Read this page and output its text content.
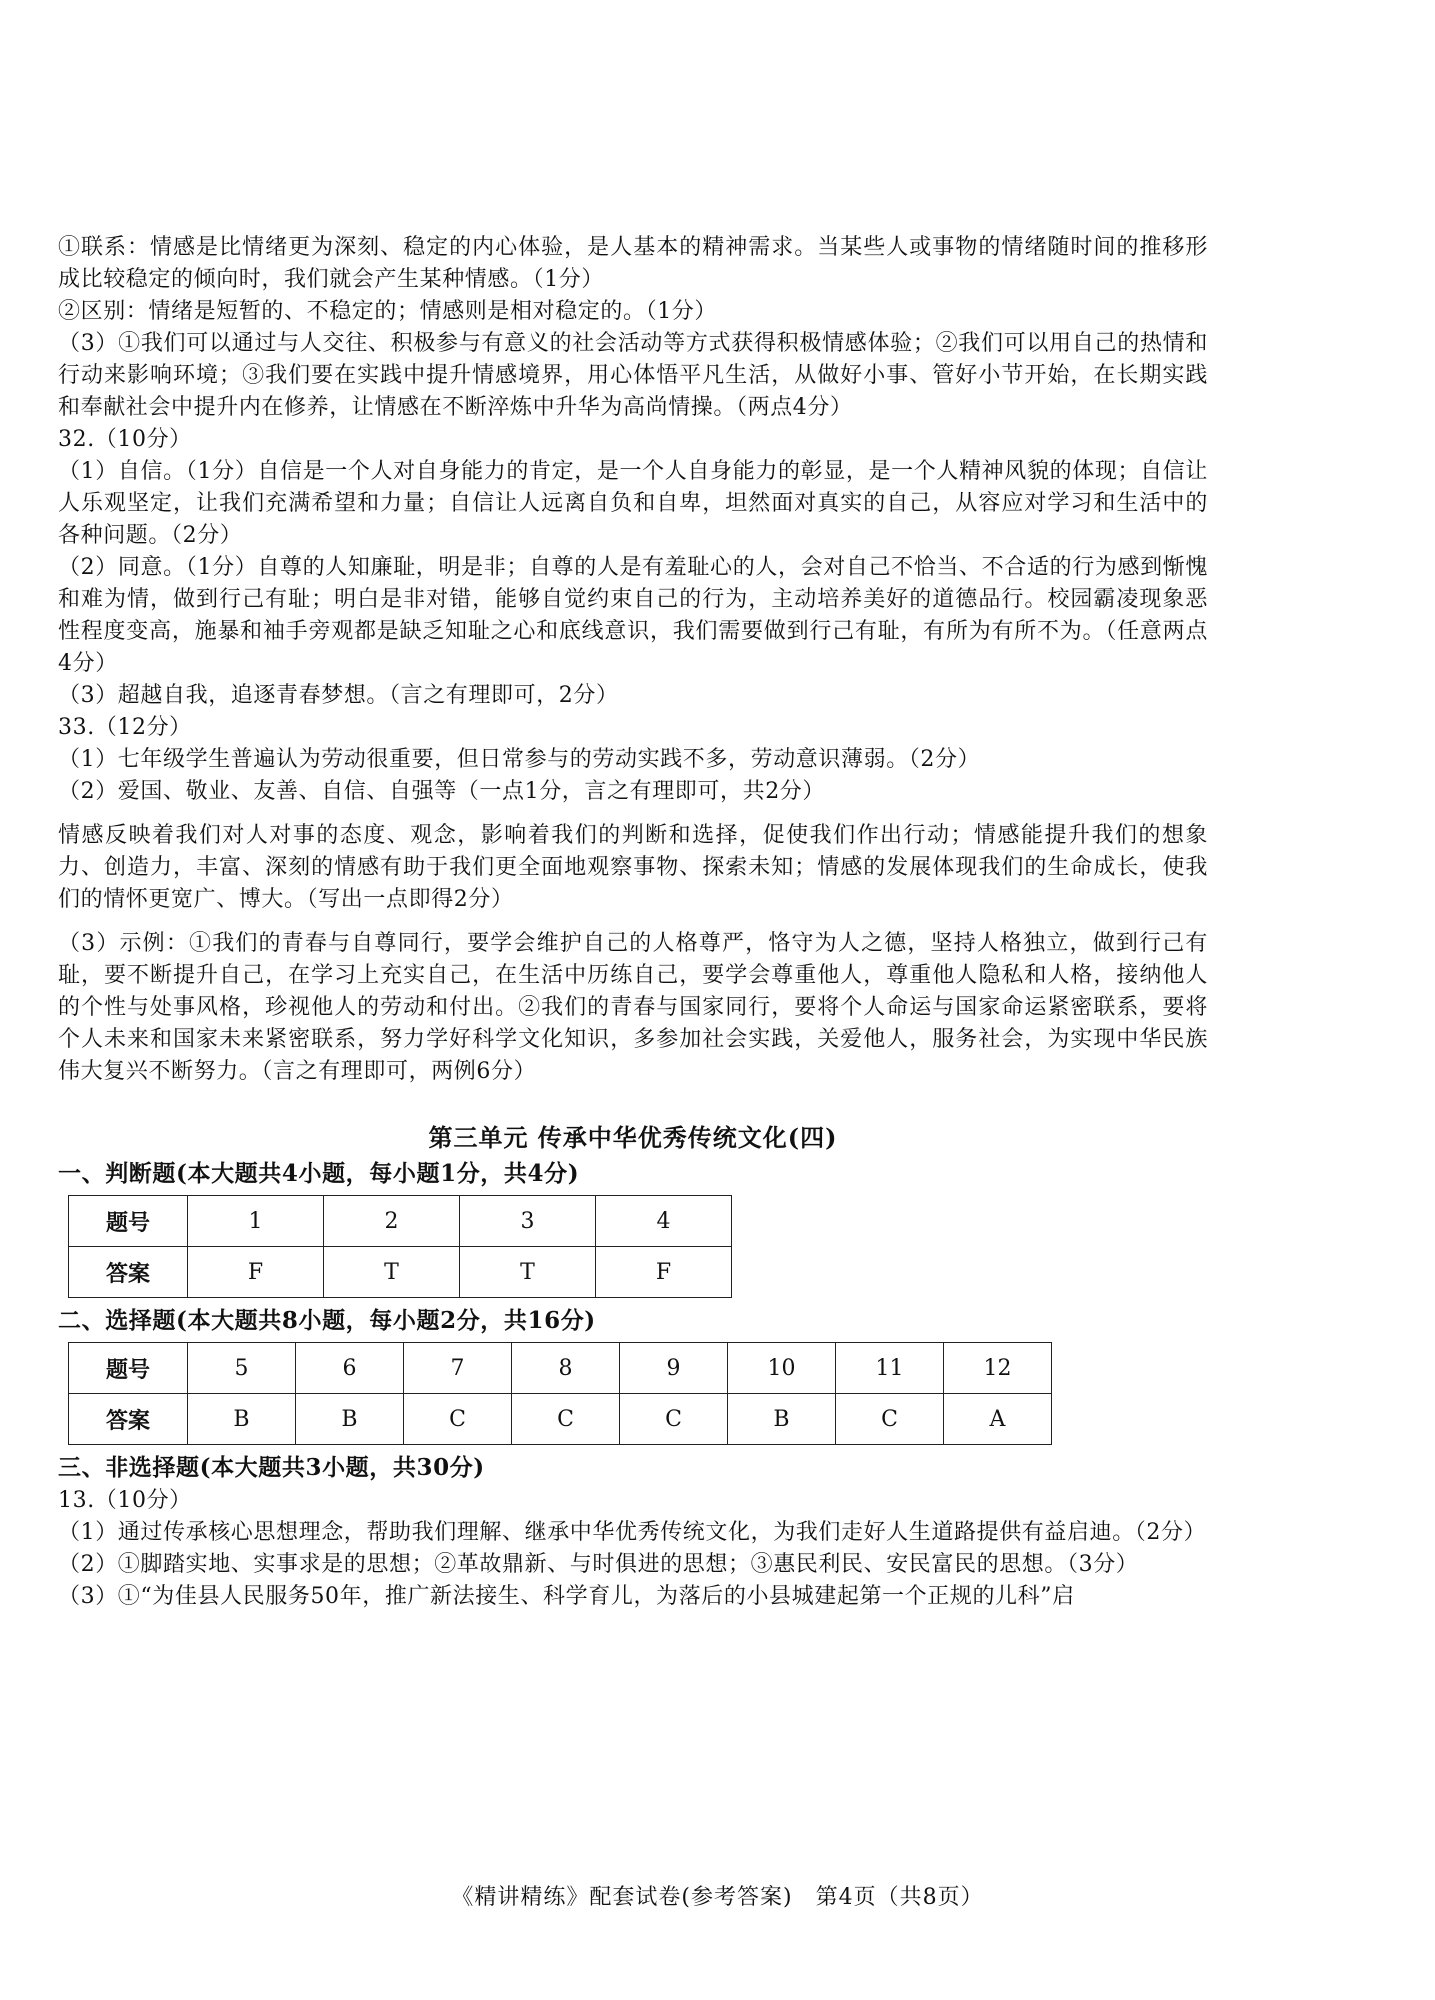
①联系：情感是比情绪更为深刻、稳定的内心体验，是人基本的精神需求。当某些人或事物的情绪随时间的推移形成比较稳定的倾向时，我们就会产生某种情感。（1分）

②区别：情绪是短暂的、不稳定的；情感则是相对稳定的。（1分）

（3）①我们可以通过与人交往、积极参与有意义的社会活动等方式获得积极情感体验；②我们可以用自己的热情和行动来影响环境；③我们要在实践中提升情感境界，用心体悟平凡生活，从做好小事、管好小节开始，在长期实践和奉献社会中提升内在修养，让情感在不断淬炼中升华为高尚情操。（两点4分）

32.（10分）

（1）自信。（1分）自信是一个人对自身能力的肯定，是一个人自身能力的彰显，是一个人精神风貌的体现；自信让人乐观坚定，让我们充满希望和力量；自信让人远离自负和自卑，坦然面对真实的自己，从容应对学习和生活中的各种问题。（2分）

（2）同意。（1分）自尊的人知廉耻，明是非；自尊的人是有羞耻心的人，会对自己不恰当、不合适的行为感到惭愧和难为情，做到行己有耻；明白是非对错，能够自觉约束自己的行为，主动培养美好的道德品行。校园霸凌现象恶性程度变高，施暴和袖手旁观都是缺乏知耻之心和底线意识，我们需要做到行己有耻，有所为有所不为。（任意两点4分）

（3）超越自我，追逐青春梦想。（言之有理即可，2分）

33.（12分）

（1）七年级学生普遍认为劳动很重要，但日常参与的劳动实践不多，劳动意识薄弱。（2分）

（2）爱国、敬业、友善、自信、自强等（一点1分，言之有理即可，共2分）

情感反映着我们对人对事的态度、观念，影响着我们的判断和选择，促使我们作出行动；情感能提升我们的想象力、创造力，丰富、深刻的情感有助于我们更全面地观察事物、探索未知；情感的发展体现我们的生命成长，使我们的情怀更宽广、博大。（写出一点即得2分）

（3）示例：①我们的青春与自尊同行，要学会维护自己的人格尊严，恪守为人之德，坚持人格独立，做到行己有耻，要不断提升自己，在学习上充实自己，在生活中历练自己，要学会尊重他人，尊重他人隐私和人格，接纳他人的个性与处事风格，珍视他人的劳动和付出。②我们的青春与国家同行，要将个人命运与国家命运紧密联系，要将个人未来和国家未来紧密联系，努力学好科学文化知识，多参加社会实践，关爱他人，服务社会，为实现中华民族伟大复兴不断努力。（言之有理即可，两例6分）

第三单元 传承中华优秀传统文化(四)

一、判断题(本大题共4小题，每小题1分，共4分)

题号	1	2	3	4
答案	F	T	T	F

二、选择题(本大题共8小题，每小题2分，共16分)

题号	5	6	7	8	9	10	11	12
答案	B	B	C	C	C	B	C	A

三、非选择题(本大题共3小题，共30分)

13.（10分）

（1）通过传承核心思想理念，帮助我们理解、继承中华优秀传统文化，为我们走好人生道路提供有益启迪。（2分）

（2）①脚踏实地、实事求是的思想；②革故鼎新、与时俱进的思想；③惠民利民、安民富民的思想。（3分）

（3）①“为佳县人民服务50年，推广新法接生、科学育儿，为落后的小县城建起第一个正规的儿科”启

《精讲精练》配套试卷(参考答案)　第4页（共8页）
